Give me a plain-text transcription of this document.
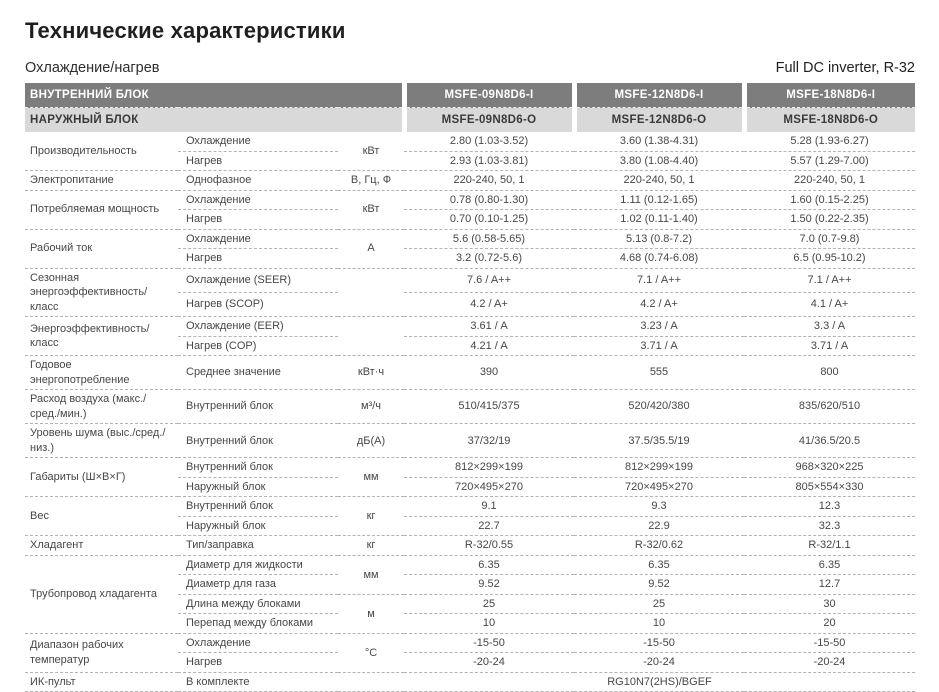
Технические характеристики
Охлаждение/нагрев	Full DC inverter, R-32
ВНУТРЕННИЙ БЛОК			MSFE-09N8D6-I	MSFE-12N8D6-I	MSFE-18N8D6-I
НАРУЖНЫЙ БЛОК			MSFE-09N8D6-O	MSFE-12N8D6-O	MSFE-18N8D6-O
Производительность	Охлаждение	кВт	2.80 (1.03-3.52)	3.60 (1.38-4.31)	5.28 (1.93-6.27)
	Нагрев		2.93 (1.03-3.81)	3.80 (1.08-4.40)	5.57 (1.29-7.00)
Электропитание	Однофазное	В, Гц, Ф	220-240, 50, 1	220-240, 50, 1	220-240, 50, 1
Потребляемая мощность	Охлаждение	кВт	0.78 (0.80-1.30)	1.11 (0.12-1.65)	1.60 (0.15-2.25)
	Нагрев		0.70 (0.10-1.25)	1.02 (0.11-1.40)	1.50 (0.22-2.35)
Рабочий ток	Охлаждение	А	5.6 (0.58-5.65)	5.13 (0.8-7.2)	7.0 (0.7-9.8)
	Нагрев		3.2 (0.72-5.6)	4.68 (0.74-6.08)	6.5 (0.95-10.2)
Сезонная энергоэффективность/ класс	Охлаждение (SEER)		7.6 / A++	7.1 / A++	7.1 / A++
	Нагрев (SCOP)		4.2 / A+	4.2 / A+	4.1 / A+
Энергоэффективность/ класс	Охлаждение (EER)		3.61 / A	3.23 / A	3.3 / A
	Нагрев (COP)		4.21 / A	3.71 / A	3.71 / A
Годовое энергопотребление	Среднее значение	кВт·ч	390	555	800
Расход воздуха (макс./сред./мин.)	Внутренний блок	м³/ч	510/415/375	520/420/380	835/620/510
Уровень шума (выс./сред./низ.)	Внутренний блок	дБ(А)	37/32/19	37.5/35.5/19	41/36.5/20.5
Габариты (Ш×В×Г)	Внутренний блок	мм	812×299×199	812×299×199	968×320×225
	Наружный блок		720×495×270	720×495×270	805×554×330
Вес	Внутренний блок	кг	9.1	9.3	12.3
	Наружный блок		22.7	22.9	32.3
Хладагент	Тип/заправка	кг	R-32/0.55	R-32/0.62	R-32/1.1
Трубопровод хладагента	Диаметр для жидкости	мм	6.35	6.35	6.35
	Диаметр для газа		9.52	9.52	12.7
	Длина между блоками	м	25	25	30
	Перепад между блоками		10	10	20
Диапазон рабочих температур	Охлаждение	°С	-15-50	-15-50	-15-50
	Нагрев		-20-24	-20-24	-20-24
ИК-пульт	В комплекте		RG10N7(2HS)/BGEF		
